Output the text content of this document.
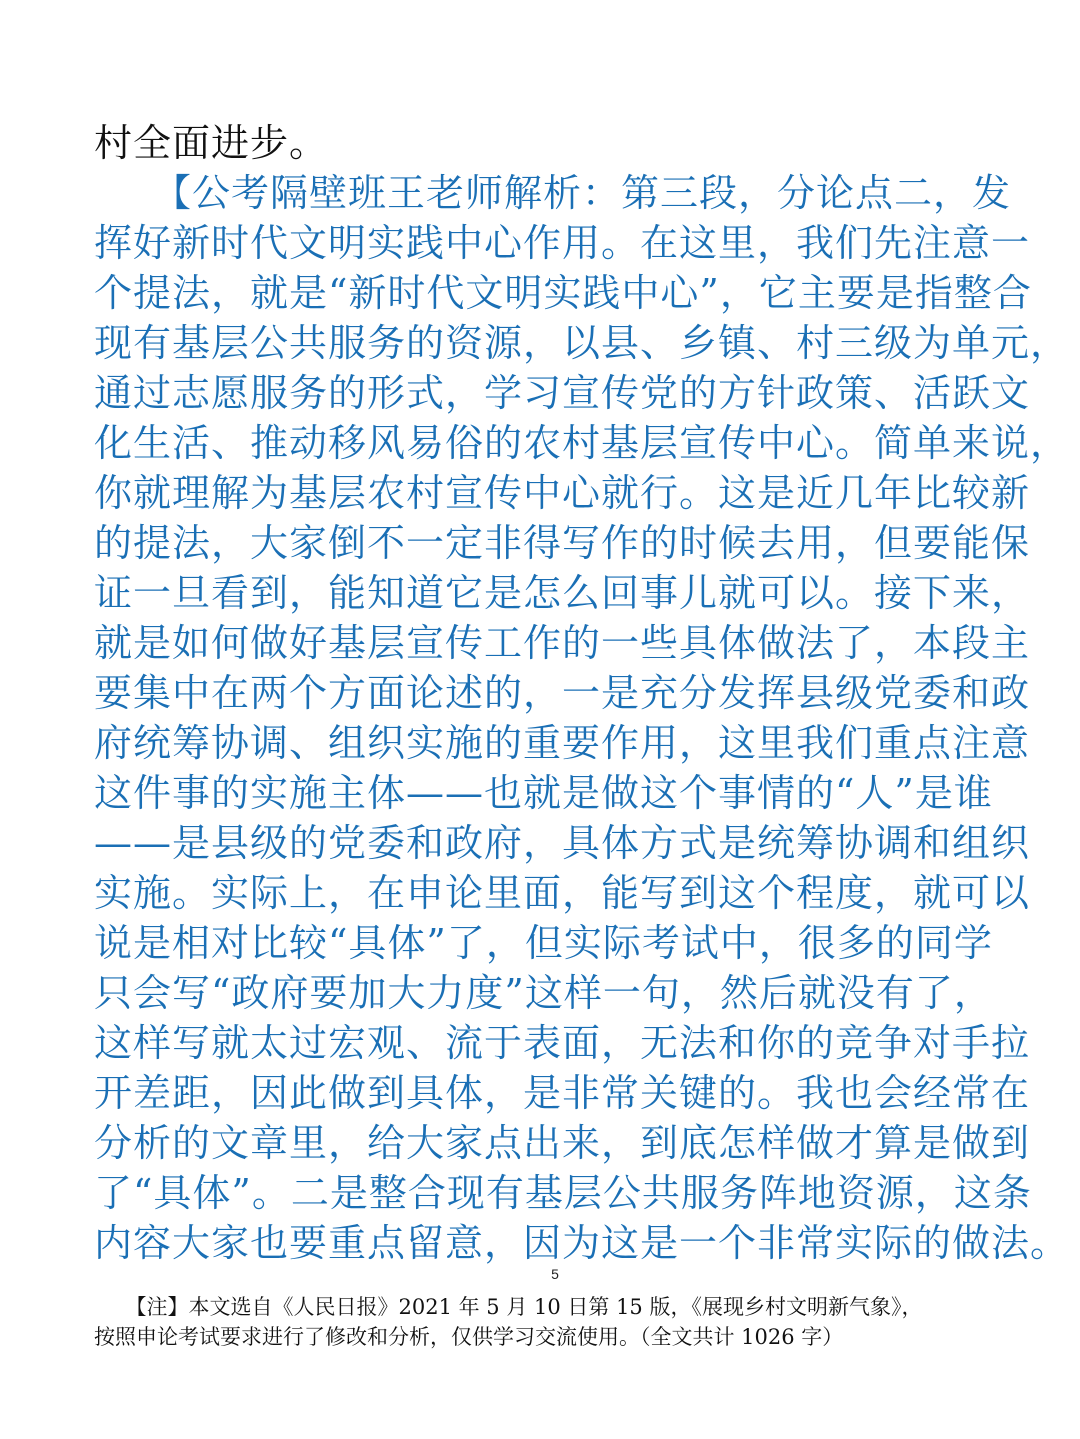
村全面进步。
　　【公考隔壁班王老师解析：第三段，分论点二，发
挥好新时代文明实践中心作用。在这里，我们先注意一
个提法，就是“新时代文明实践中心”，它主要是指整合
现有基层公共服务的资源，以县、乡镇、村三级为单元，
通过志愿服务的形式，学习宣传党的方针政策、活跃文
化生活、推动移风易俗的农村基层宣传中心。简单来说，
你就理解为基层农村宣传中心就行。这是近几年比较新
的提法，大家倒不一定非得写作的时候去用，但要能保
证一旦看到，能知道它是怎么回事儿就可以。接下来，
就是如何做好基层宣传工作的一些具体做法了，本段主
要集中在两个方面论述的，一是充分发挥县级党委和政
府统筹协调、组织实施的重要作用，这里我们重点注意
这件事的实施主体——也就是做这个事情的“人”是谁
——是县级的党委和政府，具体方式是统筹协调和组织
实施。实际上，在申论里面，能写到这个程度，就可以
说是相对比较“具体”了，但实际考试中，很多的同学
只会写“政府要加大力度”这样一句，然后就没有了，
这样写就太过宏观、流于表面，无法和你的竞争对手拉
开差距，因此做到具体，是非常关键的。我也会经常在
分析的文章里，给大家点出来，到底怎样做才算是做到
了“具体”。二是整合现有基层公共服务阵地资源，这条
内容大家也要重点留意，因为这是一个非常实际的做法。
5
　　【注】本文选自《人民日报》2021 年 5 月 10 日第 15 版，《展现乡村文明新气象》，
按照申论考试要求进行了修改和分析，仅供学习交流使用。（全文共计 1026 字）
